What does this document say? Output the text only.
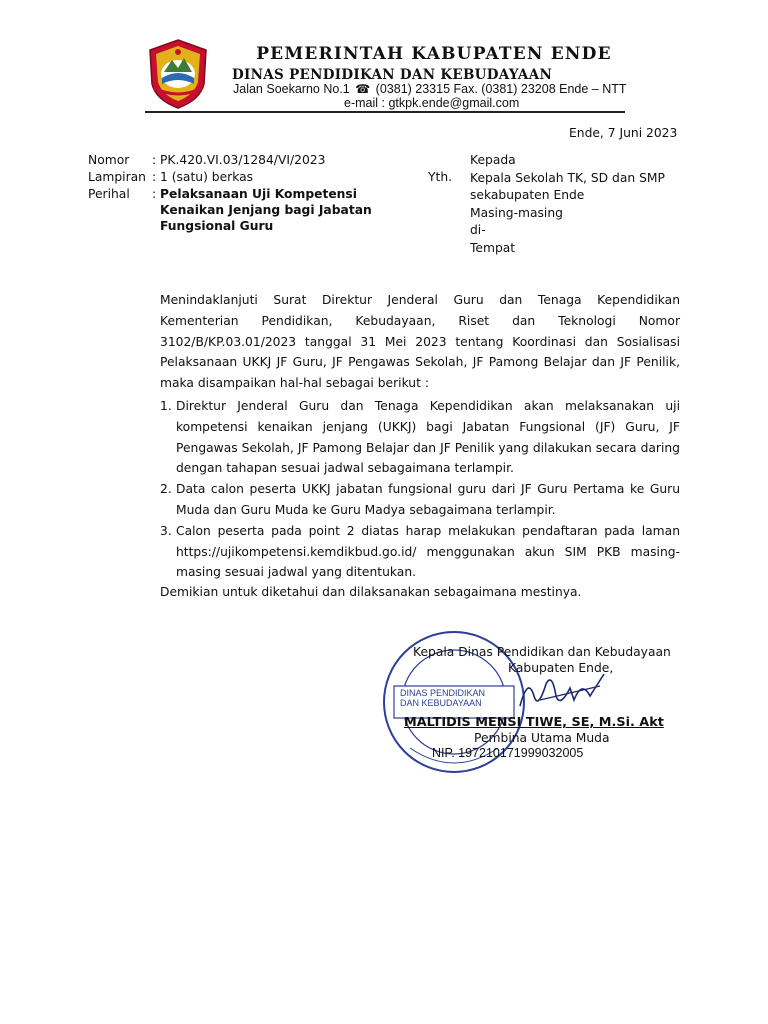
PEMERINTAH KABUPATEN ENDE
DINAS PENDIDIKAN DAN KEBUDAYAAN
Jalan Soekarno No.1 ☎ (0381) 23315 Fax. (0381) 23208 Ende – NTT
e-mail : gtkpk.ende@gmail.com
Ende, 7 Juni 2023
Nomor	: PK.420.VI.03/1284/VI/2023
Lampiran : 1 (satu) berkas
Perihal	: Pelaksanaan Uji Kompetensi Kenaikan Jenjang bagi Jabatan Fungsional Guru
Yth.
Kepada
Kepala Sekolah TK, SD dan SMP
sekabupaten Ende
Masing-masing
di-
Tempat
Menindaklanjuti Surat Direktur Jenderal Guru dan Tenaga Kependidikan Kementerian Pendidikan, Kebudayaan, Riset dan Teknologi Nomor 3102/B/KP.03.01/2023 tanggal 31 Mei 2023 tentang Koordinasi dan Sosialisasi Pelaksanaan UKKJ JF Guru, JF Pengawas Sekolah, JF Pamong Belajar dan JF Penilik, maka disampaikan hal-hal sebagai berikut :
1. Direktur Jenderal Guru dan Tenaga Kependidikan akan melaksanakan uji kompetensi kenaikan jenjang (UKKJ) bagi Jabatan Fungsional (JF) Guru, JF Pengawas Sekolah, JF Pamong Belajar dan JF Penilik yang dilakukan secara daring dengan tahapan sesuai jadwal sebagaimana terlampir.
2. Data calon peserta UKKJ jabatan fungsional guru dari JF Guru Pertama ke Guru Muda dan Guru Muda ke Guru Madya sebagaimana terlampir.
3. Calon peserta pada point 2 diatas harap melakukan pendaftaran pada laman https://ujikompetensi.kemdikbud.go.id/ menggunakan akun SIM PKB masing-masing sesuai jadwal yang ditentukan.
Demikian untuk diketahui dan dilaksanakan sebagaimana mestinya.
DINAS PENDIDIKAN
DAN KEBUDAYAAN
Kepala Dinas Pendidikan dan Kebudayaan
Kabupaten Ende,
MALTIDIS MENSI TIWE, SE, M.Si. Akt
Pembina Utama Muda
NIP. 197210171999032005
